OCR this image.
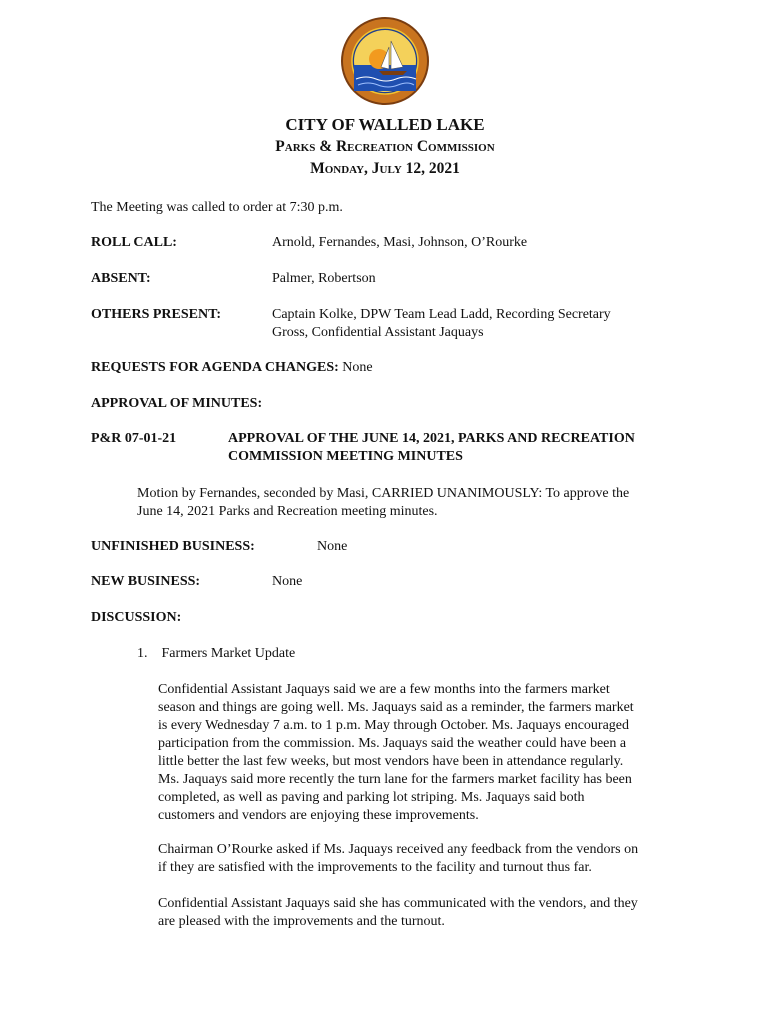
CITY OF WALLED LAKE
Parks & Recreation Commission
Monday, July 12, 2021
The Meeting was called to order at 7:30 p.m.
ROLL CALL:	Arnold, Fernandes, Masi, Johnson, O’Rourke
ABSENT:	Palmer, Robertson
OTHERS PRESENT:	Captain Kolke, DPW Team Lead Ladd, Recording Secretary
Gross, Confidential Assistant Jaquays
REQUESTS FOR AGENDA CHANGES: None
APPROVAL OF MINUTES:
P&R 07-01-21	APPROVAL OF THE JUNE 14, 2021, PARKS AND RECREATION
COMMISSION MEETING MINUTES
Motion by Fernandes, seconded by Masi, CARRIED UNANIMOUSLY: To approve the
June 14, 2021 Parks and Recreation meeting minutes.
UNFINISHED BUSINESS:	None
NEW BUSINESS:	None
DISCUSSION:
1. Farmers Market Update
Confidential Assistant Jaquays said we are a few months into the farmers market
season and things are going well. Ms. Jaquays said as a reminder, the farmers market
is every Wednesday 7 a.m. to 1 p.m. May through October. Ms. Jaquays encouraged
participation from the commission. Ms. Jaquays said the weather could have been a
little better the last few weeks, but most vendors have been in attendance regularly.
Ms. Jaquays said more recently the turn lane for the farmers market facility has been
completed, as well as paving and parking lot striping. Ms. Jaquays said both
customers and vendors are enjoying these improvements.
Chairman O’Rourke asked if Ms. Jaquays received any feedback from the vendors on
if they are satisfied with the improvements to the facility and turnout thus far.
Confidential Assistant Jaquays said she has communicated with the vendors, and they
are pleased with the improvements and the turnout.
